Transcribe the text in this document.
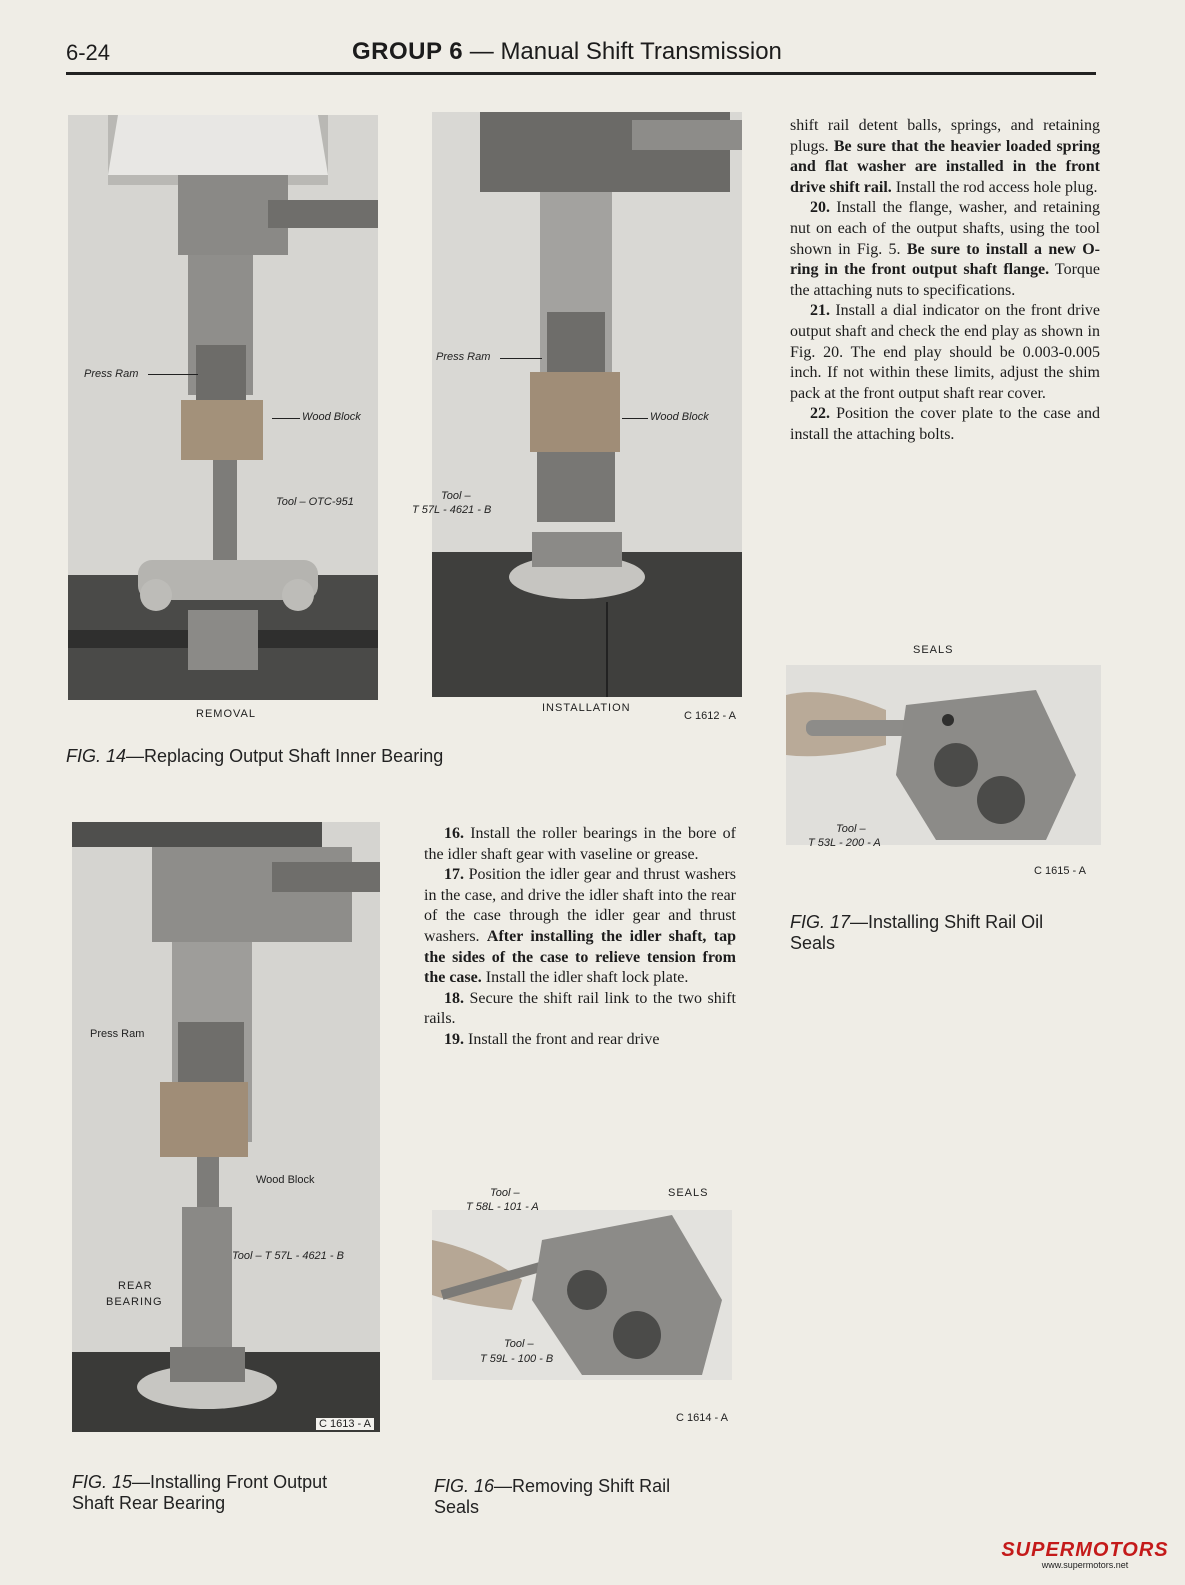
6-24	GROUP 6 — Manual Shift Transmission
Press Ram
Wood Block
Tool – OTC-951
REMOVAL
Press Ram
Wood Block
Tool –
T 57L - 4621 - B
INSTALLATION
C 1612 - A
FIG. 14—Replacing Output Shaft Inner Bearing

shift rail detent balls, springs, and retaining plugs. Be sure that the heavier loaded spring and flat washer are installed in the front drive shift rail. Install the rod access hole plug.

20. Install the flange, washer, and retaining nut on each of the output shafts, using the tool shown in Fig. 5. Be sure to install a new O-ring in the front output shaft flange. Torque the attaching nuts to specifications.

21. Install a dial indicator on the front drive output shaft and check the end play as shown in Fig. 20. The end play should be 0.003-0.005 inch. If not within these limits, adjust the shim pack at the front output shaft rear cover.

22. Position the cover plate to the case and install the attaching bolts.

SEALS
Tool –
T 53L - 200 - A
C 1615 - A
FIG. 17—Installing Shift Rail Oil
Seals
Press Ram
Wood Block
Tool – T 57L - 4621 - B
REAR
BEARING
C 1613 - A
FIG. 15—Installing Front Output
Shaft Rear Bearing

16. Install the roller bearings in the bore of the idler shaft gear with vaseline or grease.

17. Position the idler gear and thrust washers in the case, and drive the idler shaft into the rear of the case through the idler gear and thrust washers. After installing the idler shaft, tap the sides of the case to relieve tension from the case. Install the idler shaft lock plate.

18. Secure the shift rail link to the two shift rails.

19. Install the front and rear drive

Tool –
T 58L - 101 - A
SEALS
Tool –
T 59L - 100 - B
C 1614 - A
FIG. 16—Removing Shift Rail
Seals
SUPERMOTORS
www.supermotors.net
